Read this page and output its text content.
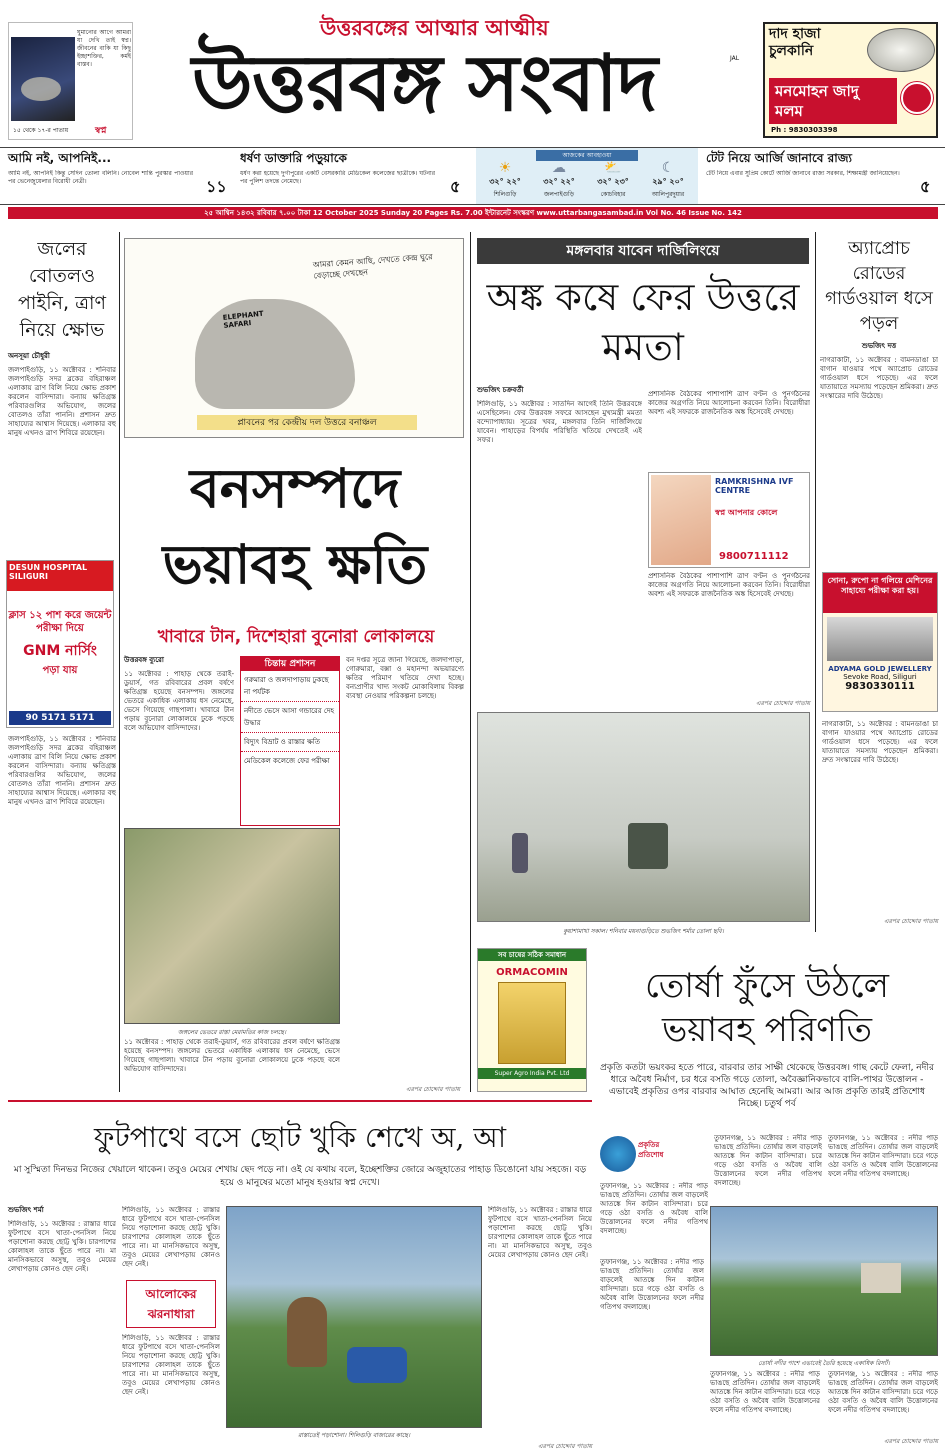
ঘুমানোর আগে আমরা যা দেখি তাই স্বপ্ন। জীবনের বাকি যা কিছু ইচ্ছাশক্তির, কর্মই বাস্তব।
১৫ থেকে ১৭-র পাতায়	স্বপ্ন
উত্তরবঙ্গের আত্মার আত্মীয়
উত্তরবঙ্গ সংবাদ	JAL
দাদ হাজা চুলকানি
মনমোহন জাদু মলম
Ph : 9830303398
আমি নই, আপনিই...
আমি নই, আপনিই কিন্তু সেদিন তোলা বলিনি। নোবেল শান্তি পুরস্কার পাওয়ার পর ভেনেজুয়েলার বিরোধী নেত্রী।	১১
ধর্ষণ ডাক্তারি পড়ুয়াকে
ধর্ষণ করা হয়েছে দুর্গাপুরের একটি বেসরকারি মেডিকেল কলেজের ছাত্রীকে। ঘটনার পর পুলিশ তদন্তে নেমেছে।	৫
আজকের আবহাওয়া
☀
৩২° ২২°
শিলিগুড়ি
☁
৩২° ২২°
জলপাইগুড়ি
⛅
৩২° ২৩°
কোচবিহার
☾
২৯° ২০°
আলিপুরদুয়ার
টেট নিয়ে আর্জি জানাবে রাজ্য
টেট নিয়ে এবার সুপ্রিম কোর্টে আর্জি জানাবে রাজ্য সরকার, শিক্ষামন্ত্রী জানিয়েছেন।
৫
২৫ আশ্বিন ১৪৩২ রবিবার ৭.০০ টাকা 12 October 2025 Sunday 20 Pages Rs. 7.00 ইন্টারনেট সংস্করণ www.uttarbangasambad.in Vol No. 46 Issue No. 142
জলের বোতলও পাইনি, ত্রাণ নিয়ে ক্ষোভ
অনসূয়া চৌধুরী
জলপাইগুড়ি, ১১ অক্টোবর : শনিবার জলপাইগুড়ি সদর ব্লকের বহিরাঞ্চল এলাকায় ত্রাণ বিলি নিয়ে ক্ষোভ প্রকাশ করলেন বাসিন্দারা। বন্যায় ক্ষতিগ্রস্ত পরিবারগুলির অভিযোগ, জলের বোতলও তাঁরা পাননি। প্রশাসন দ্রুত সাহায্যের আশ্বাস দিয়েছে। এলাকার বহু মানুষ এখনও ত্রাণ শিবিরে রয়েছেন।
DESUN HOSPITAL SILIGURI
ক্লাস ১২ পাশ করে জয়েন্ট পরীক্ষা দিয়ে
GNM নার্সিং
পড়া যায়
90 5171 5171
জলপাইগুড়ি, ১১ অক্টোবর : শনিবার জলপাইগুড়ি সদর ব্লকের বহিরাঞ্চল এলাকায় ত্রাণ বিলি নিয়ে ক্ষোভ প্রকাশ করলেন বাসিন্দারা। বন্যায় ক্ষতিগ্রস্ত পরিবারগুলির অভিযোগ, জলের বোতলও তাঁরা পাননি। প্রশাসন দ্রুত সাহায্যের আশ্বাস দিয়েছে। এলাকার বহু মানুষ এখনও ত্রাণ শিবিরে রয়েছেন।
ELEPHANT SAFARI
আমরা কেমন আছি, দেখতে কেন্দ্র ঘুরে বেড়াচ্ছে দেখছেন
প্লাবনের পর কেন্দ্রীয় দল উত্তরে বনাঞ্চল
বনসম্পদে ভয়াবহ ক্ষতি
খাবারে টান, দিশেহারা বুনোরা লোকালয়ে
উত্তরবঙ্গ ব্যুরো
১১ অক্টোবর : পাহাড় থেকে তরাই-ডুয়ার্স, গত রবিবারের প্রবল বর্ষণে ক্ষতিগ্রস্ত হয়েছে বনসম্পদ। জঙ্গলের ভেতরে একাধিক এলাকায় ধস নেমেছে, ভেসে গিয়েছে গাছপালা। খাবারে টান পড়ায় বুনোরা লোকালয়ে ঢুকে পড়ছে বলে অভিযোগ বাসিন্দাদের।
চিন্তায় প্রশাসন
গরুমারা ও জলদাপাড়ায় ঢুকছে না পর্যটক
নদীতে ভেসে আসা গন্ডারের দেহ উদ্ধার
বিদ্যুৎ বিভ্রাট ও রাস্তার ক্ষতি
মেডিকেল কলেজে ফের পরীক্ষা
বন দপ্তর সূত্রে জানা গিয়েছে, জলদাপাড়া, গোরুমারা, বক্সা ও মহানন্দা অভয়ারণ্যে ক্ষতির পরিমাণ খতিয়ে দেখা হচ্ছে। বন্যপ্রাণীর খাদ্য সংকট মোকাবিলায় বিকল্প ব্যবস্থা নেওয়ার পরিকল্পনা চলছে।
জঙ্গলের ভেতরে রাস্তা মেরামতির কাজ চলছে।
১১ অক্টোবর : পাহাড় থেকে তরাই-ডুয়ার্স, গত রবিবারের প্রবল বর্ষণে ক্ষতিগ্রস্ত হয়েছে বনসম্পদ। জঙ্গলের ভেতরে একাধিক এলাকায় ধস নেমেছে, ভেসে গিয়েছে গাছপালা। খাবারে টান পড়ায় বুনোরা লোকালয়ে ঢুকে পড়ছে বলে অভিযোগ বাসিন্দাদের।
এরপর চোদ্দোর পাতায়
মঙ্গলবার যাবেন দার্জিলিংয়ে
অঙ্ক কষে ফের উত্তরে মমতা
শুভজিৎ চক্রবর্তী
শিলিগুড়ি, ১১ অক্টোবর : সাতদিন আগেই তিনি উত্তরবঙ্গে এসেছিলেন। ফের উত্তরবঙ্গ সফরে আসছেন মুখ্যমন্ত্রী মমতা বন্দ্যোপাধ্যায়। সূত্রের খবর, মঙ্গলবার তিনি দার্জিলিংয়ে যাবেন। পাহাড়ের বিপর্যয় পরিস্থিতি খতিয়ে দেখতেই এই সফর।
প্রশাসনিক বৈঠকের পাশাপাশি ত্রাণ বণ্টন ও পুনর্গঠনের কাজের অগ্রগতি নিয়ে আলোচনা করবেন তিনি। বিরোধীরা অবশ্য এই সফরকে রাজনৈতিক অঙ্ক হিসেবেই দেখছে।
RAMKRISHNA IVF CENTRE
স্বপ্ন আপনার কোলে
9800711112
প্রশাসনিক বৈঠকের পাশাপাশি ত্রাণ বণ্টন ও পুনর্গঠনের কাজের অগ্রগতি নিয়ে আলোচনা করবেন তিনি। বিরোধীরা অবশ্য এই সফরকে রাজনৈতিক অঙ্ক হিসেবেই দেখছে।
এরপর চোদ্দোর পাতায়
কুয়াশামাখা সকাল। শনিবার ময়নাগুড়িতে শুভজিৎ শর্মার তোলা ছবি।
অ্যাপ্রোচ রোডের গার্ডওয়াল ধসে পড়ল
শুভজিৎ দত্ত
নাগরাকাটা, ১১ অক্টোবর : বামনডাঙা চা বাগান যাওয়ার পথে অ্যাপ্রোচ রোডের গার্ডওয়াল ধসে পড়েছে। এর ফলে যাতায়াতে সমস্যায় পড়েছেন শ্রমিকরা। দ্রুত সংস্কারের দাবি উঠেছে।
সোনা, রুপো না গলিয়ে মেশিনের সাহায্যে পরীক্ষা করা হয়।
ADYAMA GOLD JEWELLERY
Sevoke Road, Siliguri
9830330111
নাগরাকাটা, ১১ অক্টোবর : বামনডাঙা চা বাগান যাওয়ার পথে অ্যাপ্রোচ রোডের গার্ডওয়াল ধসে পড়েছে। এর ফলে যাতায়াতে সমস্যায় পড়েছেন শ্রমিকরা। দ্রুত সংস্কারের দাবি উঠেছে।
এরপর চোদ্দোর পাতায়
সব চাষের সঠিক সমাধান
ORMACOMIN
Super Agro India Pvt. Ltd
তোর্ষা ফুঁসে উঠলে ভয়াবহ পরিণতি
প্রকৃতি কতটা ভয়ংকর হতে পারে, বারবার তার সাক্ষী থেকেছে উত্তরবঙ্গ। গাছ কেটে ফেলা, নদীর ধারে অবৈধ নির্মাণ, চর ধরে বসতি গড়ে তোলা, অবৈজ্ঞানিকভাবে বালি-পাথর উত্তোলন - এভাবেই প্রকৃতির ওপর বারবার আঘাত হেনেছি আমরা। আর আজ প্রকৃতি তারই প্রতিশোধ নিচ্ছে। চতুর্থ পর্ব
ফুটপাথে বসে ছোট খুকি শেখে অ, আ
মা সুস্মিতা দিনভর নিজের খেয়ালে থাকেন। তবুও মেয়ের শেখায় ছেদ পড়ে না। ওই যে কথায় বলে, ইচ্ছেশক্তির জোরে অজুহাতের পাহাড় ডিঙোনো যায় সহজে। বড় হয়ে ও মানুষের মতো মানুষ হওয়ার স্বপ্ন দেখে।
শুভজিৎ শর্মা
শিলিগুড়ি, ১১ অক্টোবর : রাস্তার ধারে ফুটপাথে বসে খাতা-পেনসিল নিয়ে পড়াশোনা করছে ছোট্ট খুকি। চারপাশের কোলাহল তাকে ছুঁতে পারে না। মা মানসিকভাবে অসুস্থ, তবুও মেয়ের লেখাপড়ায় কোনও ছেদ নেই।
শিলিগুড়ি, ১১ অক্টোবর : রাস্তার ধারে ফুটপাথে বসে খাতা-পেনসিল নিয়ে পড়াশোনা করছে ছোট্ট খুকি। চারপাশের কোলাহল তাকে ছুঁতে পারে না। মা মানসিকভাবে অসুস্থ, তবুও মেয়ের লেখাপড়ায় কোনও ছেদ নেই।
আলোকের ঝরনাধারা
শিলিগুড়ি, ১১ অক্টোবর : রাস্তার ধারে ফুটপাথে বসে খাতা-পেনসিল নিয়ে পড়াশোনা করছে ছোট্ট খুকি। চারপাশের কোলাহল তাকে ছুঁতে পারে না। মা মানসিকভাবে অসুস্থ, তবুও মেয়ের লেখাপড়ায় কোনও ছেদ নেই।
রাস্তাতেই পড়াশোনা। শিলিগুড়ি বাজারের কাছে।
শিলিগুড়ি, ১১ অক্টোবর : রাস্তার ধারে ফুটপাথে বসে খাতা-পেনসিল নিয়ে পড়াশোনা করছে ছোট্ট খুকি। চারপাশের কোলাহল তাকে ছুঁতে পারে না। মা মানসিকভাবে অসুস্থ, তবুও মেয়ের লেখাপড়ায় কোনও ছেদ নেই।
এরপর চোদ্দোর পাতায়
প্রকৃতির প্রতিশোধ
তুফানগঞ্জ, ১১ অক্টোবর : নদীর পাড় ভাঙছে প্রতিদিন। তোর্ষার জল বাড়লেই আতঙ্কে দিন কাটান বাসিন্দারা। চরে গড়ে ওঠা বসতি ও অবৈধ বালি উত্তোলনের ফলে নদীর গতিপথ বদলাচ্ছে।
তুফানগঞ্জ, ১১ অক্টোবর : নদীর পাড় ভাঙছে প্রতিদিন। তোর্ষার জল বাড়লেই আতঙ্কে দিন কাটান বাসিন্দারা। চরে গড়ে ওঠা বসতি ও অবৈধ বালি উত্তোলনের ফলে নদীর গতিপথ বদলাচ্ছে।
তুফানগঞ্জ, ১১ অক্টোবর : নদীর পাড় ভাঙছে প্রতিদিন। তোর্ষার জল বাড়লেই আতঙ্কে দিন কাটান বাসিন্দারা। চরে গড়ে ওঠা বসতি ও অবৈধ বালি উত্তোলনের ফলে নদীর গতিপথ বদলাচ্ছে।
তোর্ষা নদীর পাশে এভাবেই তৈরি হয়েছে একাধিক রিসর্ট।
তুফানগঞ্জ, ১১ অক্টোবর : নদীর পাড় ভাঙছে প্রতিদিন। তোর্ষার জল বাড়লেই আতঙ্কে দিন কাটান বাসিন্দারা। চরে গড়ে ওঠা বসতি ও অবৈধ বালি উত্তোলনের ফলে নদীর গতিপথ বদলাচ্ছে।
তুফানগঞ্জ, ১১ অক্টোবর : নদীর পাড় ভাঙছে প্রতিদিন। তোর্ষার জল বাড়লেই আতঙ্কে দিন কাটান বাসিন্দারা। চরে গড়ে ওঠা বসতি ও অবৈধ বালি উত্তোলনের ফলে নদীর গতিপথ বদলাচ্ছে।
তুফানগঞ্জ, ১১ অক্টোবর : নদীর পাড় ভাঙছে প্রতিদিন। তোর্ষার জল বাড়লেই আতঙ্কে দিন কাটান বাসিন্দারা। চরে গড়ে ওঠা বসতি ও অবৈধ বালি উত্তোলনের ফলে নদীর গতিপথ বদলাচ্ছে।
এরপর চোদ্দোর পাতায়
